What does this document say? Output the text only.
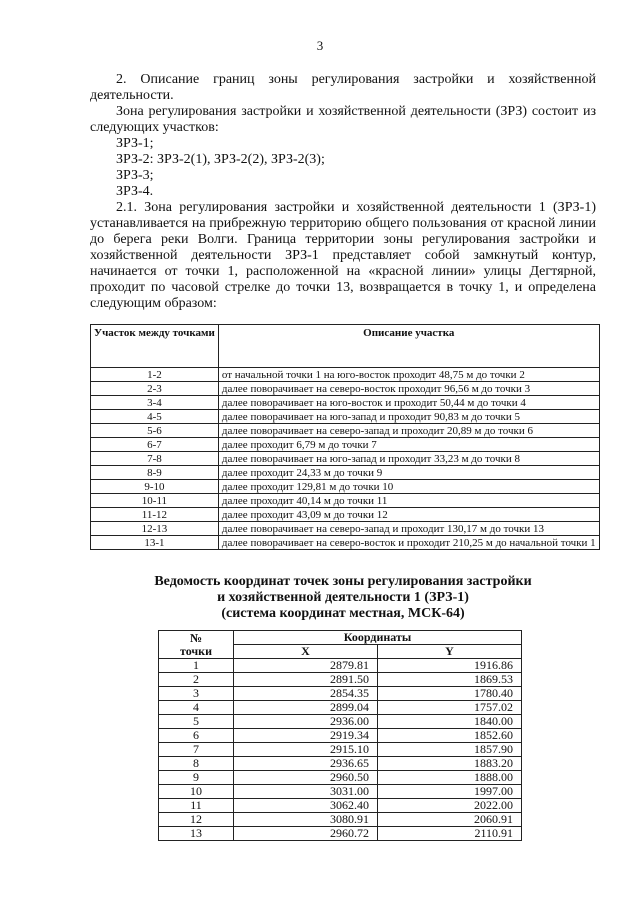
3

2. Описание границ зоны регулирования застройки и хозяйственной деятельности.

Зона регулирования застройки и хозяйственной деятельности (ЗРЗ) состоит из следующих участков:

ЗРЗ-1;

ЗРЗ-2: ЗРЗ-2(1), ЗРЗ-2(2), ЗРЗ-2(3);

ЗРЗ-3;

ЗРЗ-4.

2.1. Зона регулирования застройки и хозяйственной деятельности 1 (ЗРЗ-1) устанавливается на прибрежную территорию общего пользования от красной линии до берега реки Волги. Граница территории зоны регулирования застройки и хозяйственной деятельности ЗРЗ-1 представляет собой замкнутый контур, начинается от точки 1, расположенной на «красной линии» улицы Дегтярной, проходит по часовой стрелке до точки 13, возвращается в точку 1, и определена следующим образом:

Участок между точками	Описание участка
1-2	от начальной точки 1 на юго-восток проходит 48,75 м до точки 2
2-3	далее поворачивает на северо-восток проходит 96,56 м до точки 3
3-4	далее поворачивает на юго-восток и проходит 50,44 м до точки 4
4-5	далее поворачивает на юго-запад и проходит 90,83 м до точки 5
5-6	далее поворачивает на северо-запад и проходит 20,89 м до точки 6
6-7	далее проходит 6,79 м до точки 7
7-8	далее поворачивает на юго-запад и проходит 33,23 м до точки 8
8-9	далее проходит 24,33 м до точки 9
9-10	далее проходит 129,81 м до точки 10
10-11	далее проходит 40,14 м до точки 11
11-12	далее проходит 43,09 м до точки 12
12-13	далее поворачивает на северо-запад и проходит 130,17 м до точки 13
13-1	далее поворачивает на северо-восток и проходит 210,25 м до начальной точки 1
Ведомость координат точек зоны регулирования застройки
и хозяйственной деятельности 1 (ЗРЗ-1)
(система координат местная, МСК-64)
№
точки	Координаты	
	X	Y
1	2879.81	1916.86
2	2891.50	1869.53
3	2854.35	1780.40
4	2899.04	1757.02
5	2936.00	1840.00
6	2919.34	1852.60
7	2915.10	1857.90
8	2936.65	1883.20
9	2960.50	1888.00
10	3031.00	1997.00
11	3062.40	2022.00
12	3080.91	2060.91
13	2960.72	2110.91
